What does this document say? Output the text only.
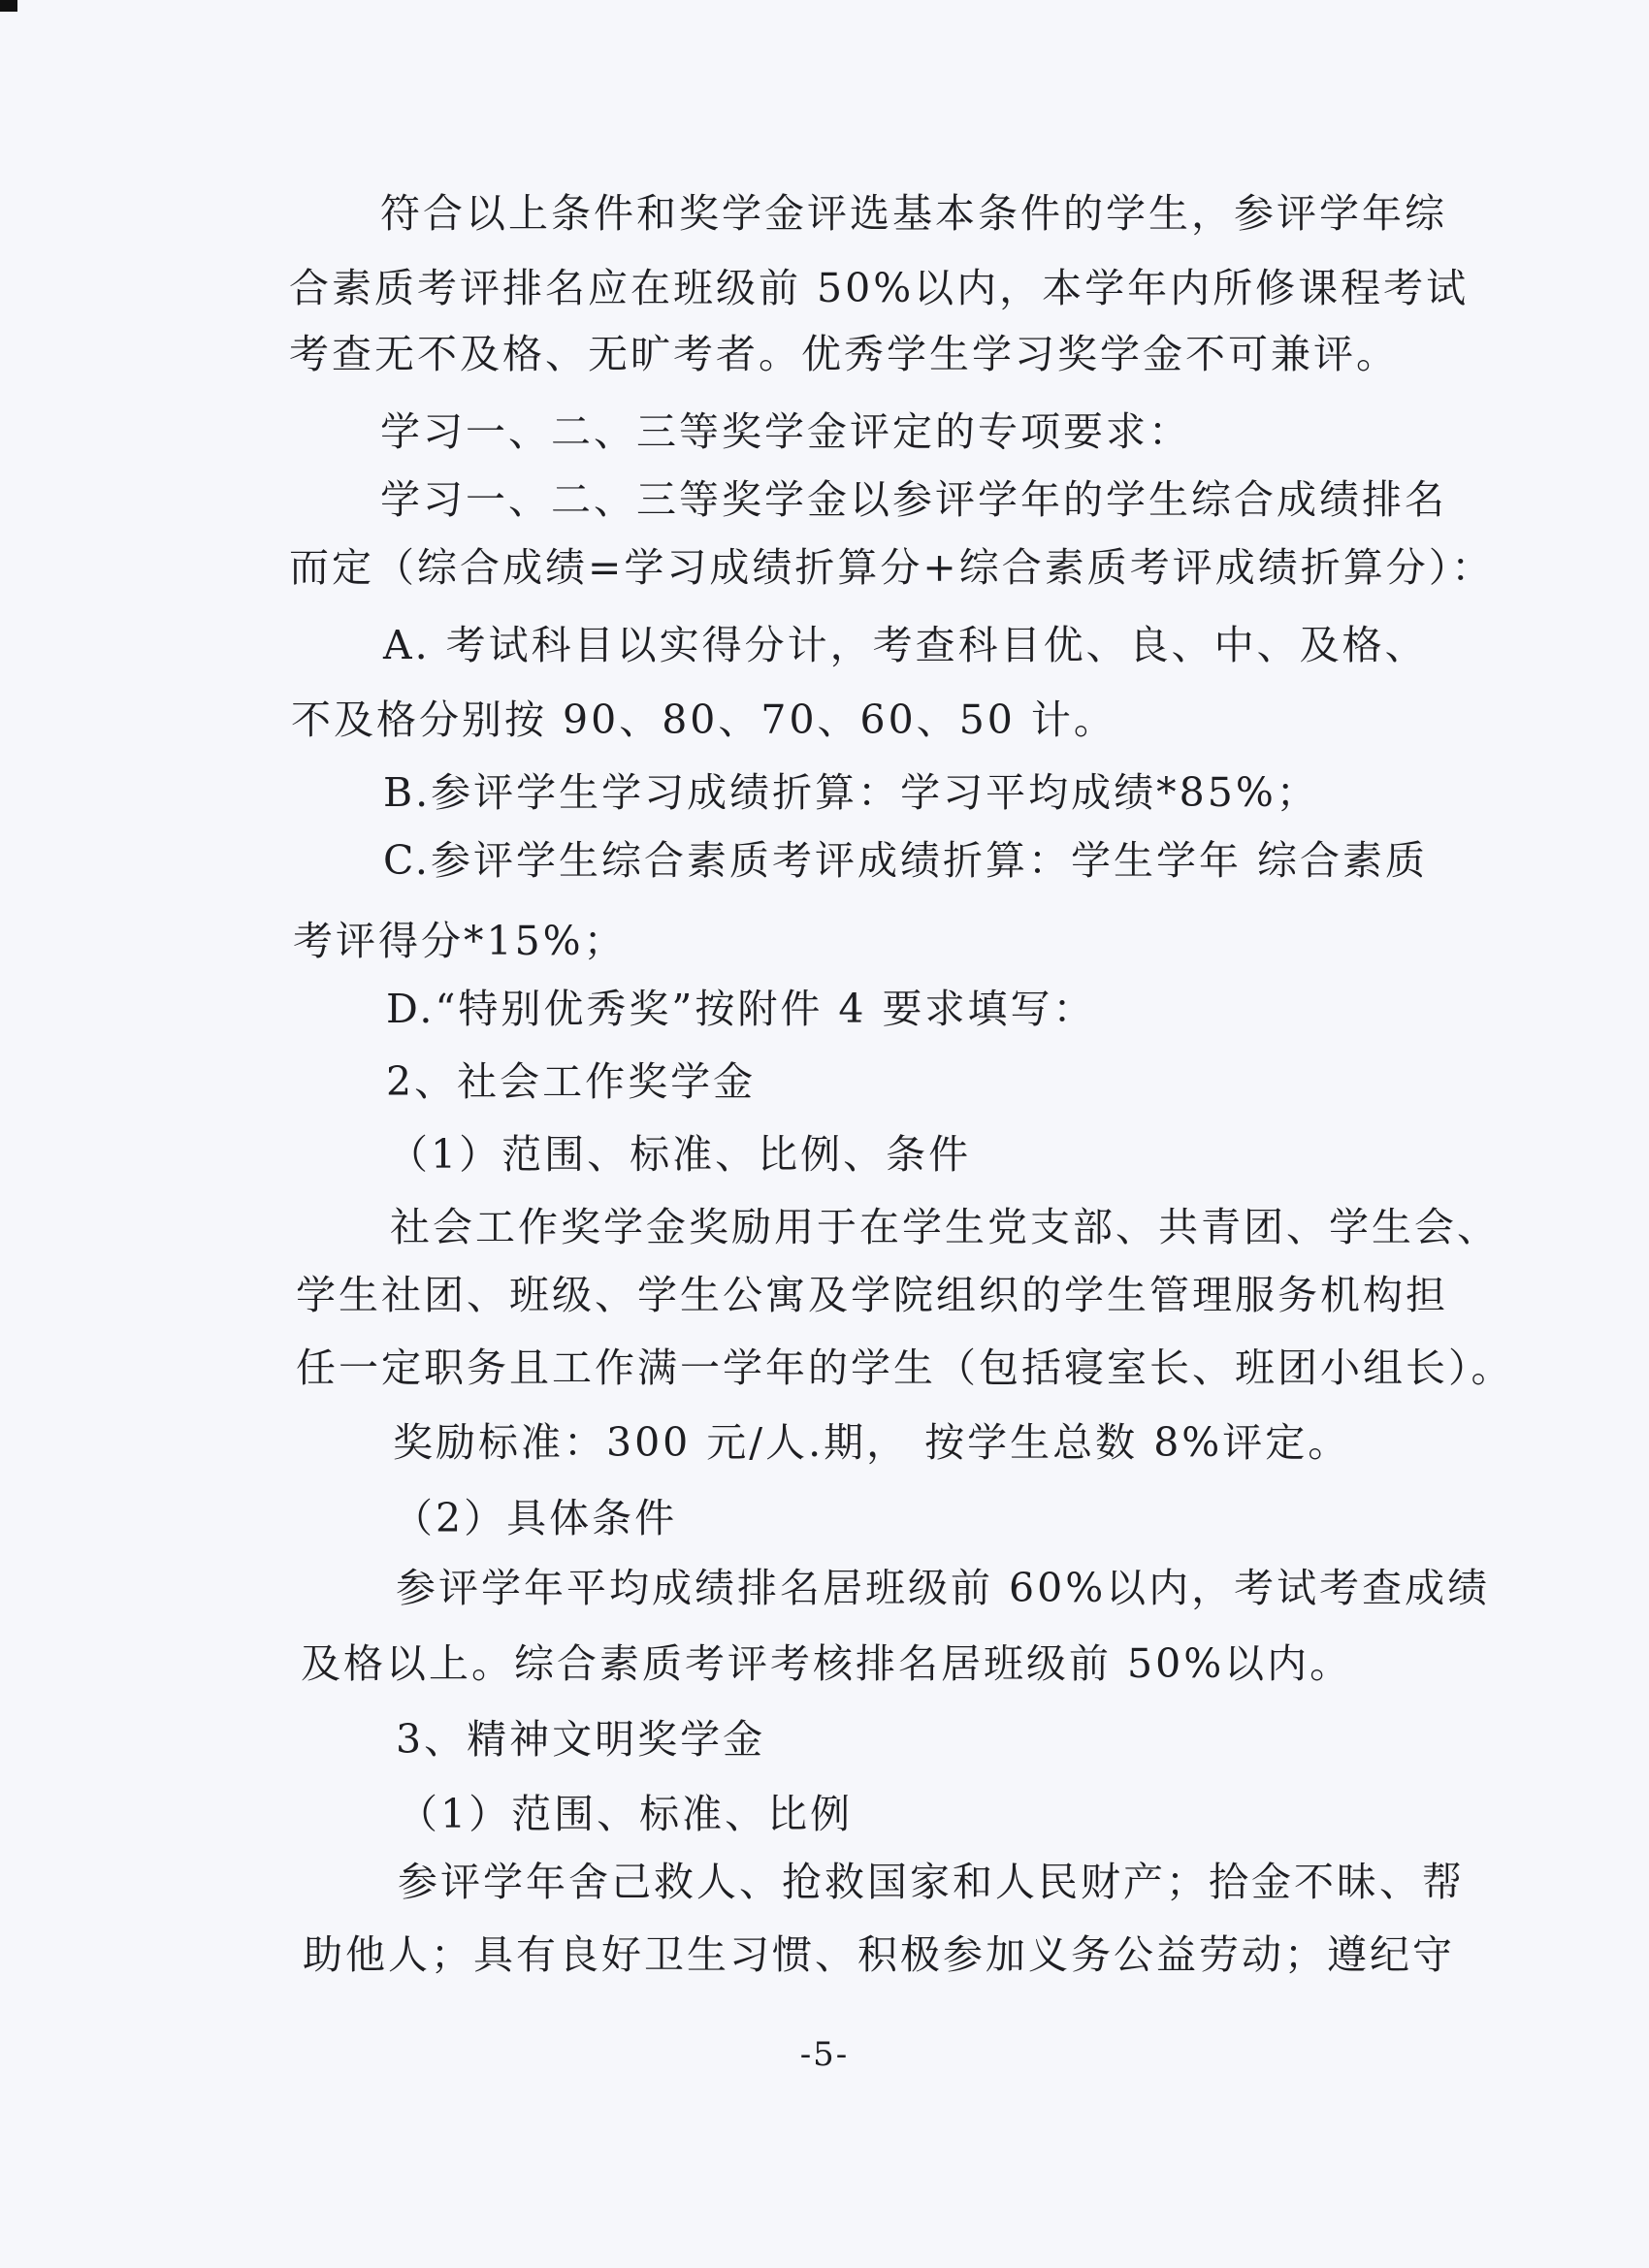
符合以上条件和奖学金评选基本条件的学生，参评学年综
合素质考评排名应在班级前 50%以内，本学年内所修课程考试
考查无不及格、无旷考者。优秀学生学习奖学金不可兼评。
学习一、二、三等奖学金评定的专项要求：
学习一、二、三等奖学金以参评学年的学生综合成绩排名
而定（综合成绩=学习成绩折算分+综合素质考评成绩折算分）：
A. 考试科目以实得分计，考查科目优、良、中、及格、
不及格分别按 90、80、70、60、50 计。
B.参评学生学习成绩折算：学习平均成绩*85%；
C.参评学生综合素质考评成绩折算：学生学年 综合素质
考评得分*15%；
D.“特别优秀奖”按附件 4 要求填写：
2、社会工作奖学金
（1）范围、标准、比例、条件
社会工作奖学金奖励用于在学生党支部、共青团、学生会、
学生社团、班级、学生公寓及学院组织的学生管理服务机构担
任一定职务且工作满一学年的学生（包括寝室长、班团小组长）。
奖励标准：300 元/人.期， 按学生总数 8%评定。
（2）具体条件
参评学年平均成绩排名居班级前 60%以内，考试考查成绩
及格以上。综合素质考评考核排名居班级前 50%以内。
3、精神文明奖学金
（1）范围、标准、比例
参评学年舍己救人、抢救国家和人民财产；拾金不昧、帮
助他人；具有良好卫生习惯、积极参加义务公益劳动；遵纪守
-5-
